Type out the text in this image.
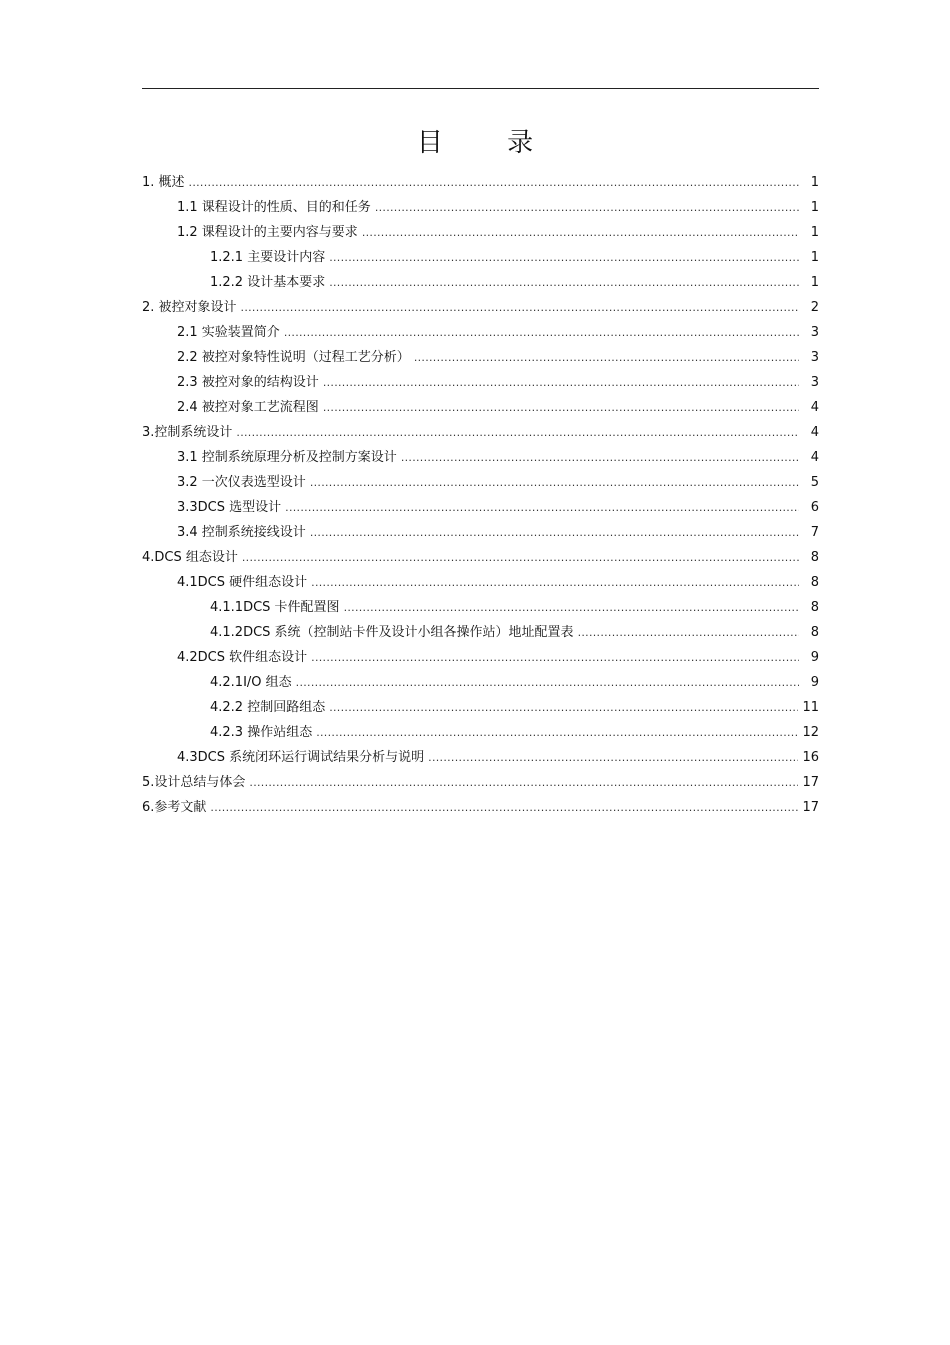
目 录
1. 概述 .....	1
1.1 课程设计的性质、目的和任务 .....	1
1.2 课程设计的主要内容与要求 .....	1
1.2.1 主要设计内容 .....	1
1.2.2 设计基本要求 .....	1
2. 被控对象设计 .....	2
2.1 实验装置简介 .....	3
2.2 被控对象特性说明（过程工艺分析） .....	3
2.3 被控对象的结构设计 .....	3
2.4 被控对象工艺流程图 .....	4
3.控制系统设计 .....	4
3.1 控制系统原理分析及控制方案设计 .....	4
3.2 一次仪表选型设计 .....	5
3.3DCS 选型设计 .....	6
3.4 控制系统接线设计 .....	7
4.DCS 组态设计 .....	8
4.1DCS 硬件组态设计 .....	8
4.1.1DCS 卡件配置图 .....	8
4.1.2DCS 系统（控制站卡件及设计小组各操作站）地址配置表 .....	8
4.2DCS 软件组态设计 .....	9
4.2.1I/O 组态 .....	9
4.2.2 控制回路组态 .....	11
4.2.3 操作站组态 .....	12
4.3DCS 系统闭环运行调试结果分析与说明 .....	16
5.设计总结与体会 .....	17
6.参考文献 .....	17
